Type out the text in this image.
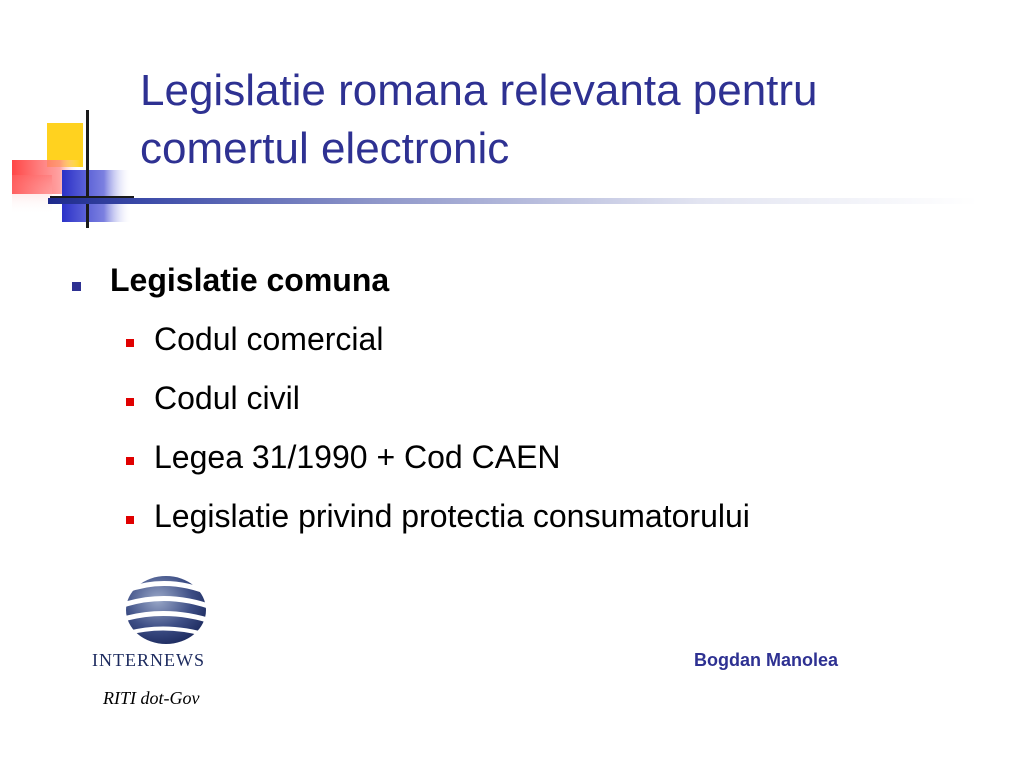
Legislatie romana relevanta pentru
comertul electronic
Legislatie comuna
Codul comercial
Codul civil
Legea 31/1990 + Cod CAEN
Legislatie privind protectia consumatorului
INTERNEWS
RITI dot-Gov
Bogdan Manolea
